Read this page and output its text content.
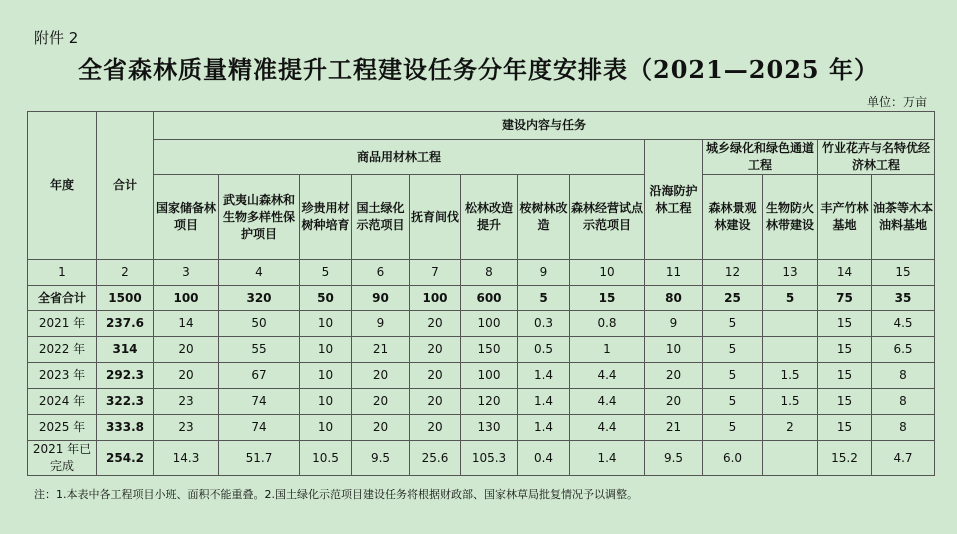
附件 2
全省森林质量精准提升工程建设任务分年度安排表（2021—2025 年）
单位：万亩
年度	合计	建设内容与任务												
		商品用材林工程								沿海防护林工程	城乡绿化和绿色通道工程		竹业花卉与名特优经济林工程	
		国家储备林项目	武夷山森林和生物多样性保护项目	珍贵用材树种培育	国土绿化示范项目	抚育间伐	松林改造提升	桉树林改造	森林经营试点示范项目		森林景观林建设	生物防火林带建设	丰产竹林基地	油茶等木本油料基地
1	2	3	4	5	6	7	8	9	10	11	12	13	14	15
全省合计	1500	100	320	50	90	100	600	5	15	80	25	5	75	35
2021 年	237.6	14	50	10	9	20	100	0.3	0.8	9	5		15	4.5
2022 年	314	20	55	10	21	20	150	0.5	1	10	5		15	6.5
2023 年	292.3	20	67	10	20	20	100	1.4	4.4	20	5	1.5	15	8
2024 年	322.3	23	74	10	20	20	120	1.4	4.4	20	5	1.5	15	8
2025 年	333.8	23	74	10	20	20	130	1.4	4.4	21	5	2	15	8
2021 年已完成	254.2	14.3	51.7	10.5	9.5	25.6	105.3	0.4	1.4	9.5	6.0		15.2	4.7
注：1.本表中各工程项目小班、面积不能重叠。2.国土绿化示范项目建设任务将根据财政部、国家林草局批复情况予以调整。
